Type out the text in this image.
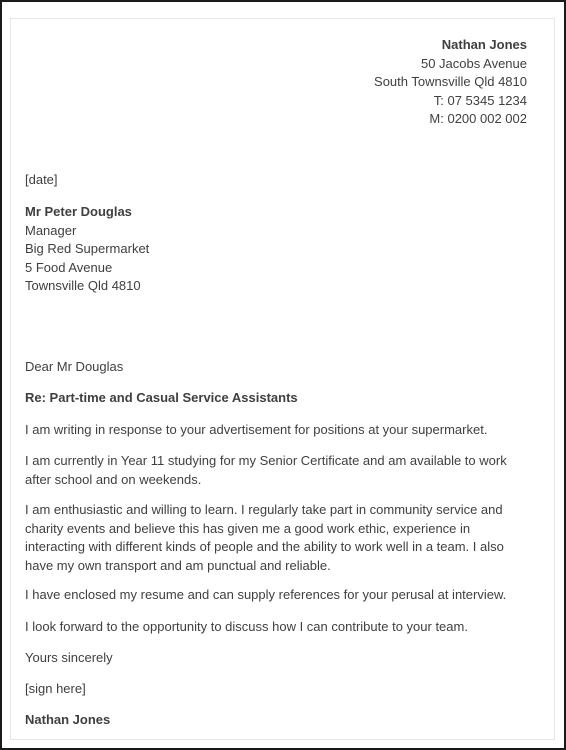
Nathan Jones
50 Jacobs Avenue
South Townsville Qld 4810
T: 07 5345 1234
M: 0200 002 002
[date]
Mr Peter Douglas
Manager
Big Red Supermarket
5 Food Avenue
Townsville Qld 4810

Dear Mr Douglas

Re: Part-time and Casual Service Assistants

I am writing in response to your advertisement for positions at your supermarket.

I am currently in Year 11 studying for my Senior Certificate and am available to work after school and on weekends.

I am enthusiastic and willing to learn. I regularly take part in community service and charity events and believe this has given me a good work ethic, experience in interacting with different kinds of people and the ability to work well in a team. I also have my own transport and am punctual and reliable.

I have enclosed my resume and can supply references for your perusal at interview.

I look forward to the opportunity to discuss how I can contribute to your team.

Yours sincerely

[sign here]

Nathan Jones
